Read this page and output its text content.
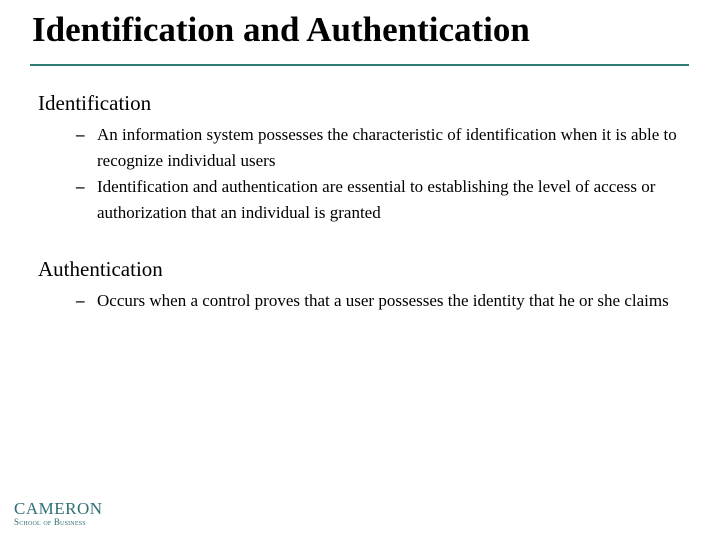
Identification and Authentication
Identification
– An information system possesses the characteristic of identification when it is able to recognize individual users
– Identification and authentication are essential to establishing the level of access or authorization that an individual is granted
Authentication
– Occurs when a control proves that a user possesses the identity that he or she claims
CAMERON
School of Business
